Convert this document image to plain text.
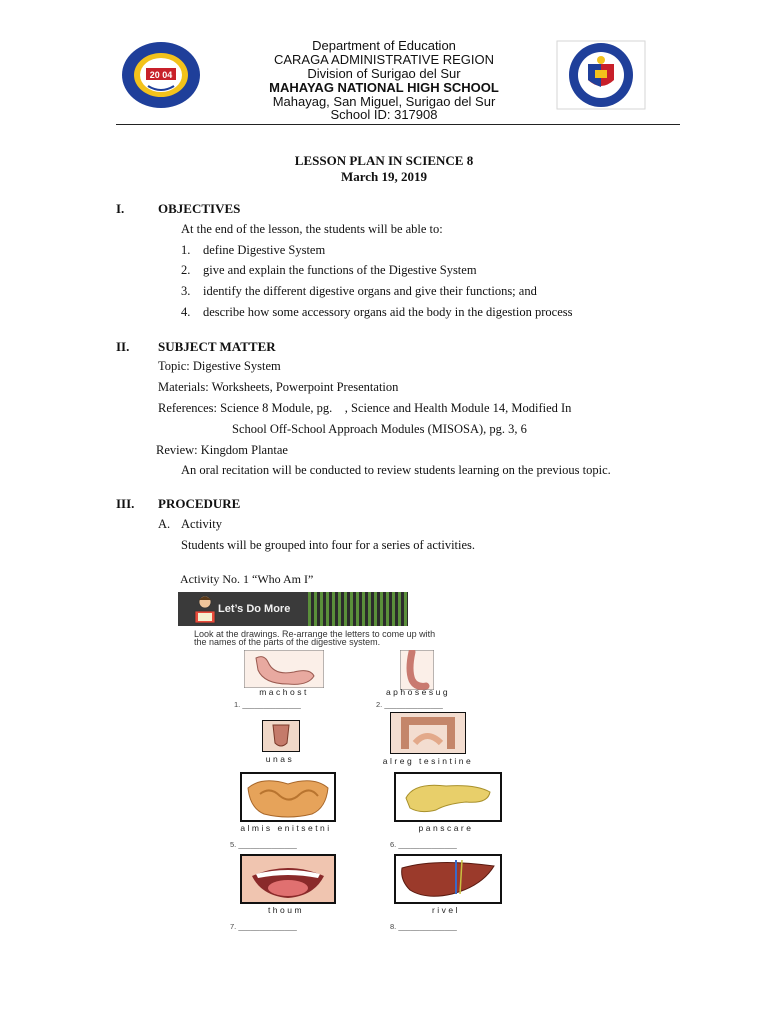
20 04
Department of Education
CARAGA ADMINISTRATIVE REGION
Division of Surigao del Sur
MAHAYAG NATIONAL HIGH SCHOOL
Mahayag, San Miguel, Surigao del Sur
School ID: 317908
LESSON PLAN IN SCIENCE 8
March 19, 2019
I.	OBJECTIVES
At the end of the lesson, the students will be able to:
1. define Digestive System
2. give and explain the functions of the Digestive System
3. identify the different digestive organs and give their functions; and
4. describe how some accessory organs aid the body in the digestion process
II. SUBJECT MATTER
Topic: Digestive System
Materials: Worksheets, Powerpoint Presentation
References: Science 8 Module, pg.    , Science and Health Module 14, Modified In
School Off-School Approach Modules (MISOSA), pg. 3, 6
Review: Kingdom Plantae
An oral recitation will be conducted to review students learning on the previous topic.
III. PROCEDURE
A. Activity
Students will be grouped into four for a series of activities.
Activity No. 1 “Who Am I”
Let’s Do More
Look at the drawings. Re-arrange the letters to come up with
the names of the parts of the digestive system.
machost
1. ______________
aphosesug
2. ______________
unas	alreg tesintine
almis enitsetni
5. ______________
panscare
6. ______________
thoum
7. ______________
rivel
8. ______________
